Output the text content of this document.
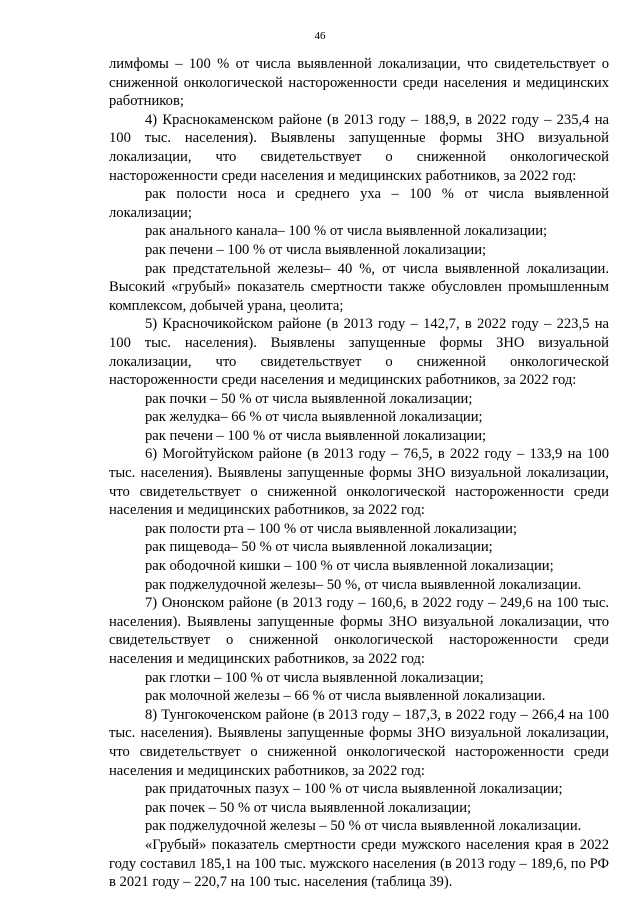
46

лимфомы – 100 % от числа выявленной локализации, что свидетельствует о сниженной онкологической настороженности среди населения и медицинских работников;

4) Краснокаменском районе (в 2013 году – 188,9, в 2022 году – 235,4 на 100 тыс. населения). Выявлены запущенные формы ЗНО визуальной локализации, что свидетельствует о сниженной онкологической настороженности среди населения и медицинских работников, за 2022 год:

рак полости носа и среднего уха – 100 % от числа выявленной локализации;

рак анального канала– 100 % от числа выявленной локализации;

рак печени – 100 % от числа выявленной локализации;

рак предстательной железы– 40 %, от числа выявленной локализации. Высокий «грубый» показатель смертности также обусловлен промышленным комплексом, добычей урана, цеолита;

5) Красночикойском районе (в 2013 году – 142,7, в 2022 году – 223,5 на 100 тыс. населения). Выявлены запущенные формы ЗНО визуальной локализации, что свидетельствует о сниженной онкологической настороженности среди населения и медицинских работников, за 2022 год:

рак почки – 50 % от числа выявленной локализации;

рак желудка– 66 % от числа выявленной локализации;

рак печени – 100 % от числа выявленной локализации;

6) Могойтуйском районе (в 2013 году – 76,5, в 2022 году – 133,9 на 100 тыс. населения). Выявлены запущенные формы ЗНО визуальной локализации, что свидетельствует о сниженной онкологической настороженности среди населения и медицинских работников, за 2022 год:

рак полости рта – 100 % от числа выявленной локализации;

рак пищевода– 50 % от числа выявленной локализации;

рак ободочной кишки – 100 % от числа выявленной локализации;

рак поджелудочной железы– 50 %, от числа выявленной локализации.

7) Ононском районе (в 2013 году – 160,6, в 2022 году – 249,6 на 100 тыс. населения). Выявлены запущенные формы ЗНО визуальной локализации, что свидетельствует о сниженной онкологической настороженности среди населения и медицинских работников, за 2022 год:

рак глотки – 100 % от числа выявленной локализации;

рак молочной железы – 66 % от числа выявленной локализации.

8) Тунгокоченском районе (в 2013 году – 187,3, в 2022 году – 266,4 на 100 тыс. населения). Выявлены запущенные формы ЗНО визуальной локализации, что свидетельствует о сниженной онкологической настороженности среди населения и медицинских работников, за 2022 год:

рак придаточных пазух – 100 % от числа выявленной локализации;

рак почек – 50 % от числа выявленной локализации;

рак поджелудочной железы – 50 % от числа выявленной локализации.

«Грубый» показатель смертности среди мужского населения края в 2022 году составил 185,1 на 100 тыс. мужского населения (в 2013 году – 189,6, по РФ в 2021 году – 220,7 на 100 тыс. населения (таблица 39).
